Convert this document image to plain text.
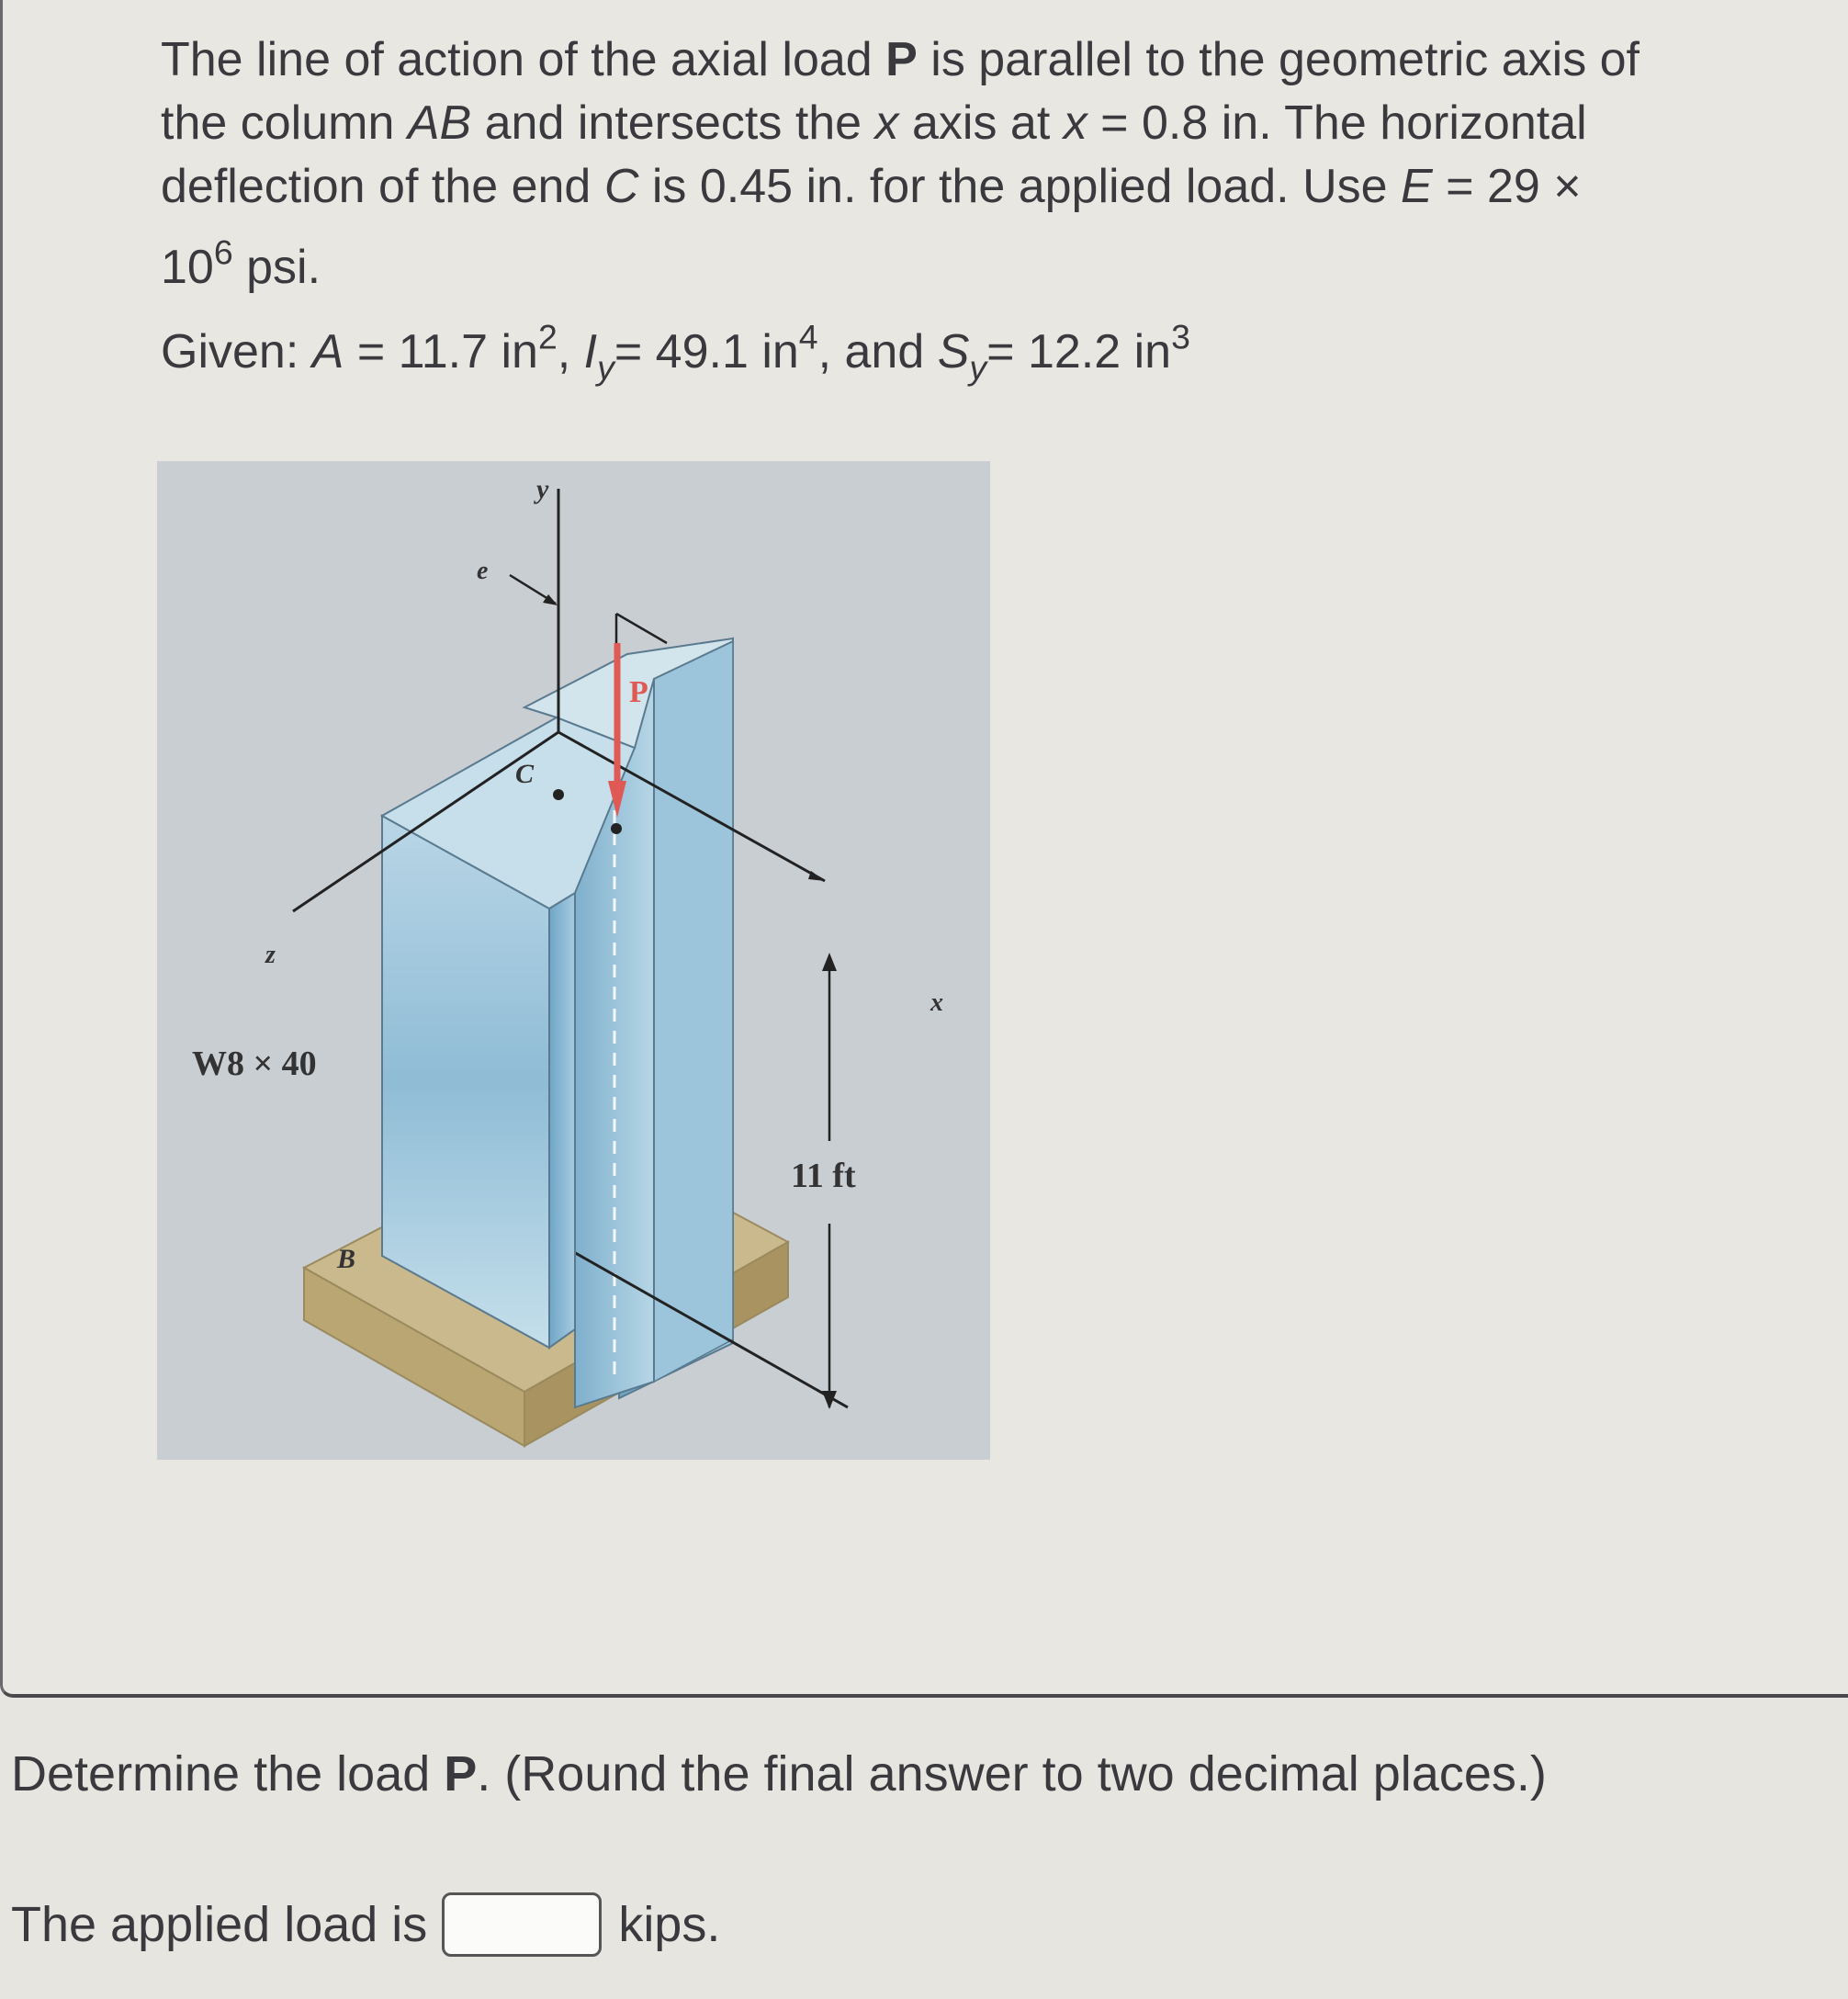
The line of action of the axial load P is parallel to the geometric axis of
the column AB and intersects the x axis at x = 0.8 in. The horizontal
deflection of the end C is 0.45 in. for the applied load. Use E = 29 ×
$10^6$ psi.
Given: A = 11.7 $in^2$, $I_y= 49.1$ $in^4$, and $S_y= 12.2$ $in^3$
y
e
P
C
z
x
W8 × 40
B
11 ft
Determine the load P. (Round the final answer to two decimal places.)
The applied load is	kips.
